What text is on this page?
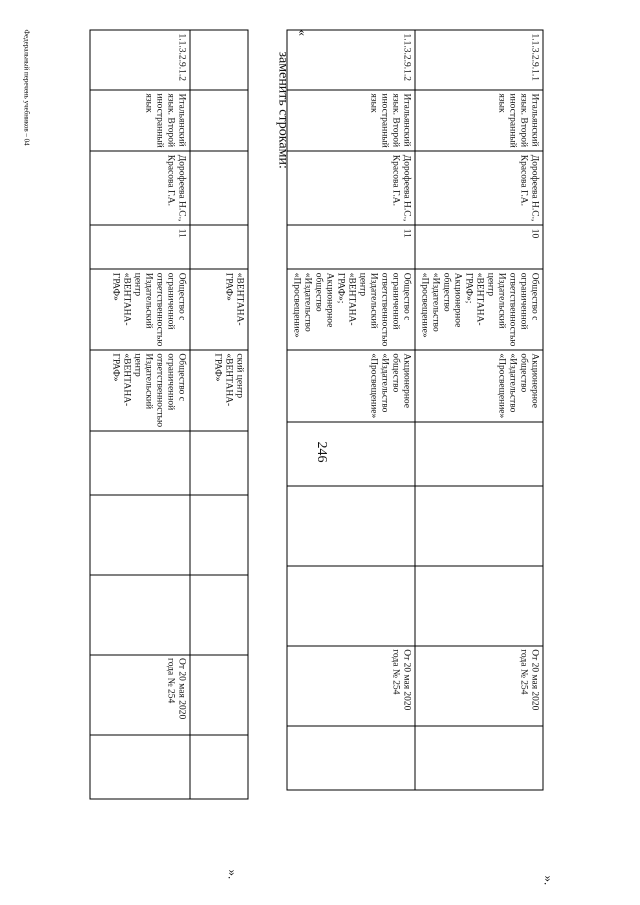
246
				«ВЕНТАНА-ГРАФ»	ский центр «ВЕНТАНА-ГРАФ»					
1.1.3.2.9.1.2	Итальянский язык. Второй иностранный язык	Дорофеева Н.С., Красова Г.А.	11	Общество с ограниченной ответственностью Издательский центр «ВЕНТАНА-ГРАФ»	Общество с ограниченной ответственностью Издательский центр «ВЕНТАНА-ГРАФ»				От 20 мая 2020 года № 254	
».
заменить строками:
«
1.1.3.2.9.1.1	Итальянский язык. Второй иностранный язык	Дорофеева Н.С., Красова Г.А.	10	Общество с ограниченной ответственностью Издательский центр «ВЕНТАНА-ГРАФ»; Акционерное общество «Издательство «Просвещение»	Акционерное общество «Издательство «Просвещение»				От 20 мая 2020 года № 254	
1.1.3.2.9.1.2	Итальянский язык. Второй иностранный язык	Дорофеева Н.С., Красова Г.А.	11	Общество с ограниченной ответственностью Издательский центр «ВЕНТАНА-ГРАФ»; Акционерное общество «Издательство «Просвещение»	Акционерное общество «Издательство «Просвещение»				От 20 мая 2020 года № 254	
».
Федеральный перечень учебников – 04
